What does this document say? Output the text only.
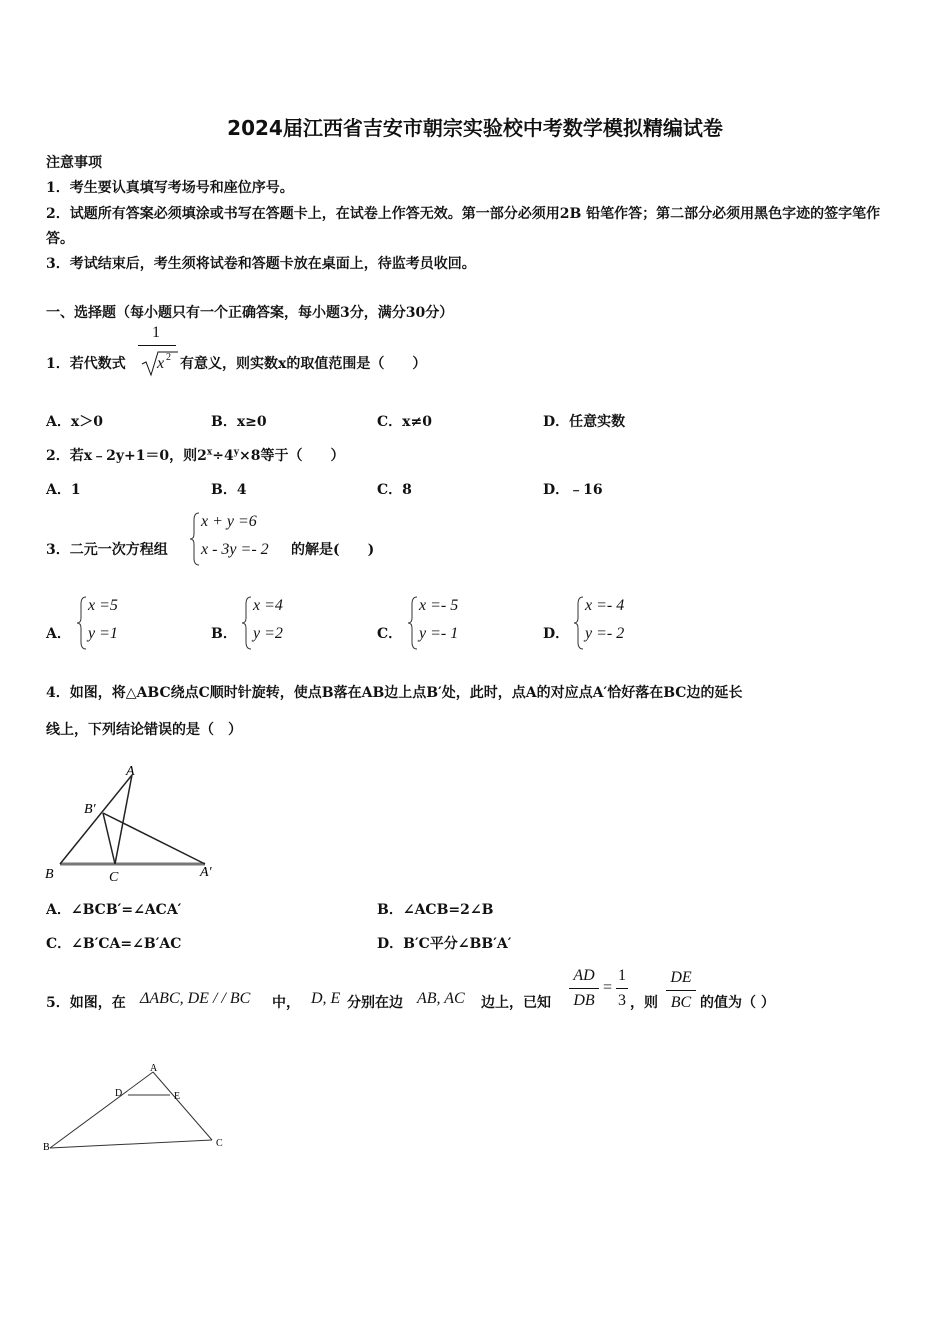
2024届江西省吉安市朝宗实验校中考数学模拟精编试卷
注意事项
1．考生要认真填写考场号和座位序号。
2．试题所有答案必须填涂或书写在答题卡上，在试卷上作答无效。第一部分必须用2B 铅笔作答；第二部分必须用黑色字迹的签字笔作答。
3．考试结束后，考生须将试卷和答题卡放在桌面上，待监考员收回。
一、选择题（每小题只有一个正确答案，每小题3分，满分30分）
1．若代数式
1
x 2 有意义，则实数x的取值范围是（　　）
A．x＞0	B．x≥0	C．x≠0	D．任意实数
2．若x﹣2y+1＝0，则$2^x\div 4^y\times 8$等于（　　）
A．1	B．4	C．8	D．﹣16
3．二元一次方程组
x + y =6
x - 3y =- 2 的解是(　　)
A．
x =5
y =1	B．
x =4
y =2	C．
x =- 5
y =- 1	D．
x =- 4
y =- 2
4．如图，将△ABC绕点C顺时针旋转，使点B落在AB边上点B′处，此时，点A的对应点A′恰好落在BC边的延长
线上，下列结论错误的是（　）
A
B′
B	C	A′
A．∠BCB′=∠ACA′	B．∠ACB=2∠B
C．∠B′CA=∠B′AC	D．B′C平分∠BB′A′
5．如图，在 ΔABC, DE / / BC 中， D, E 分别在边 AB, AC 边上，已知
AD
DB
=
1
3 ，则
DE
BC 的值为（ ）
A
D	E
B	C
